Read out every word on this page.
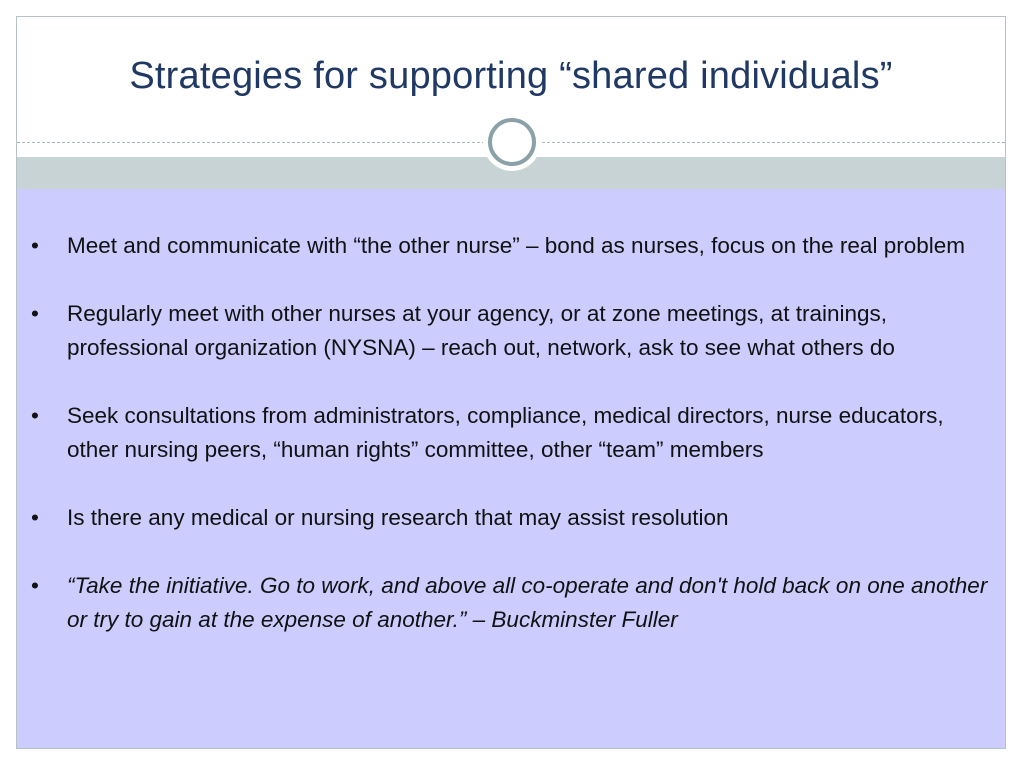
Strategies for supporting “shared individuals”
• Meet and communicate with “the other nurse” – bond as nurses, focus on the real problem
• Regularly meet with other nurses at your agency, or at zone meetings, at trainings, professional organization (NYSNA) – reach out, network, ask to see what others do
• Seek consultations from administrators, compliance, medical directors, nurse educators, other nursing peers, “human rights” committee, other “team” members
• Is there any medical or nursing research that may assist resolution
• “Take the initiative. Go to work, and above all co-operate and don't hold back on one another or try to gain at the expense of another.” – Buckminster Fuller
